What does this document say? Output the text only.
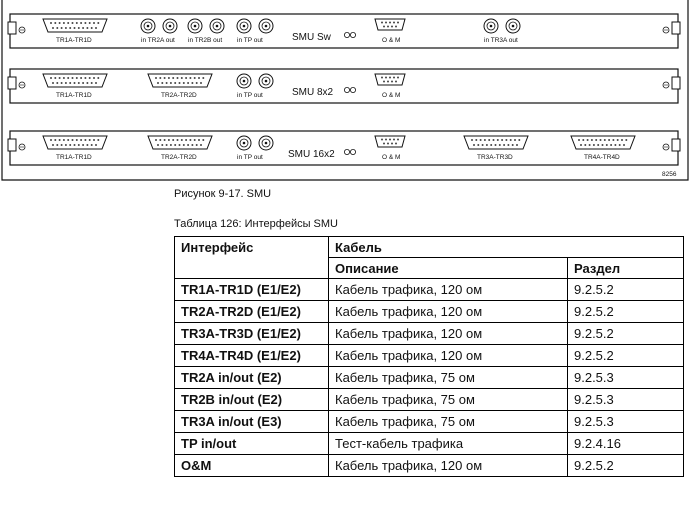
TR1A-TR1D	in TR2A out in TR2B out in TP out	SMU Sw	O & M	in TR3A out
TR1A-TR1D	TR2A-TR2D	in TP out	SMU 8x2	O & M
TR1A-TR1D	TR2A-TR2D	in TP out	SMU 16x2	O & M	TR3A-TR3D	TR4A-TR4D
8256
Рисунок 9-17. SMU
Таблица 126: Интерфейсы SMU
Интерфейс	Кабель	
	Описание	Раздел
TR1A-TR1D (E1/E2)	Кабель трафика, 120 ом	9.2.5.2
TR2A-TR2D (E1/E2)	Кабель трафика, 120 ом	9.2.5.2
TR3A-TR3D (E1/E2)	Кабель трафика, 120 ом	9.2.5.2
TR4A-TR4D (E1/E2)	Кабель трафика, 120 ом	9.2.5.2
TR2A in/out (E2)	Кабель трафика, 75 ом	9.2.5.3
TR2B in/out (E2)	Кабель трафика, 75 ом	9.2.5.3
TR3A in/out (E3)	Кабель трафика, 75 ом	9.2.5.3
TP in/out	Тест-кабель трафика	9.2.4.16
O&M	Кабель трафика, 120 ом	9.2.5.2
